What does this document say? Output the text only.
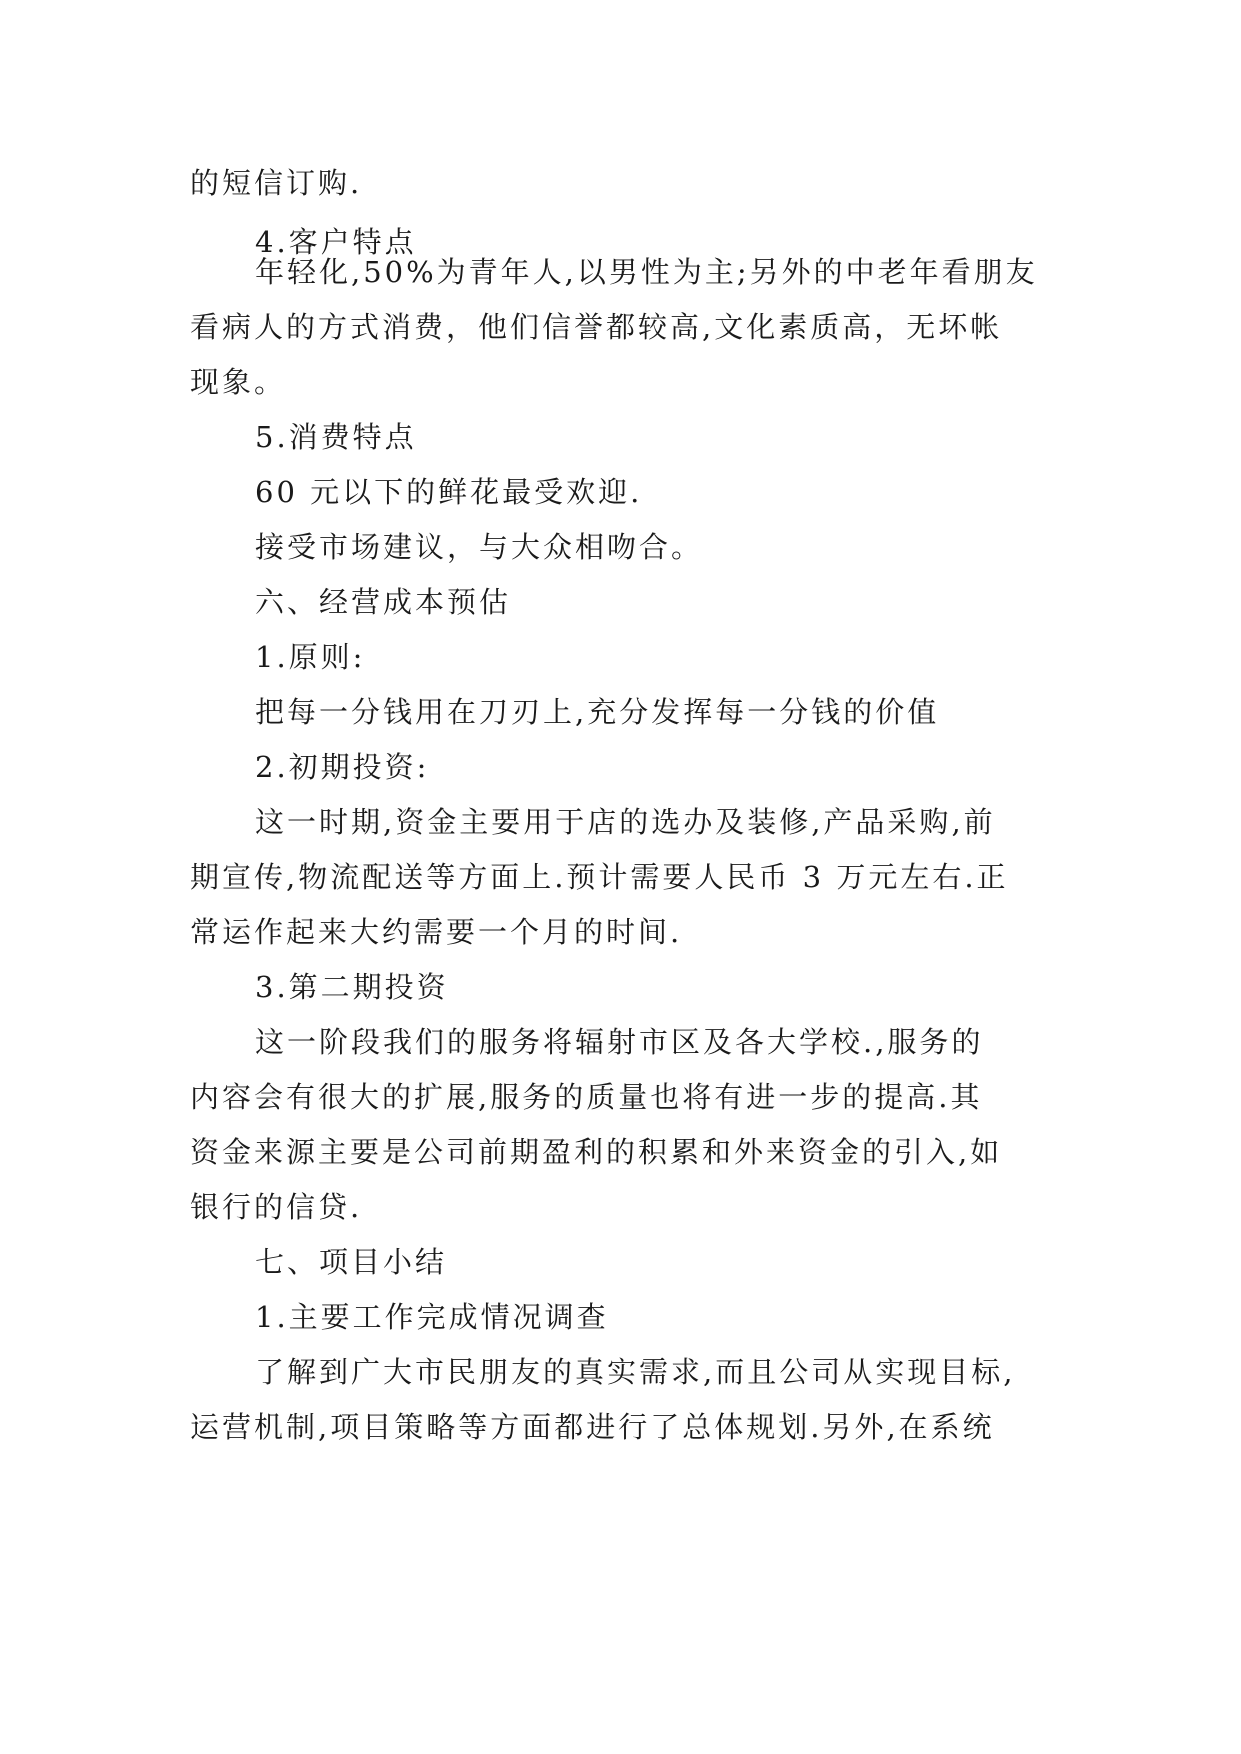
的短信订购.
4.客户特点
年轻化,50%为青年人,以男性为主;另外的中老年看朋友
看病人的方式消费，他们信誉都较高,文化素质高，无坏帐
现象。
5.消费特点
60 元以下的鲜花最受欢迎.
接受市场建议，与大众相吻合。
六、经营成本预估
1.原则:
把每一分钱用在刀刃上,充分发挥每一分钱的价值
2.初期投资:
这一时期,资金主要用于店的选办及装修,产品采购,前
期宣传,物流配送等方面上.预计需要人民币 3 万元左右.正
常运作起来大约需要一个月的时间.
3.第二期投资
这一阶段我们的服务将辐射市区及各大学校.,服务的
内容会有很大的扩展,服务的质量也将有进一步的提高.其
资金来源主要是公司前期盈利的积累和外来资金的引入,如
银行的信贷.
七、项目小结
1.主要工作完成情况调查
了解到广大市民朋友的真实需求,而且公司从实现目标,
运营机制,项目策略等方面都进行了总体规划.另外,在系统
